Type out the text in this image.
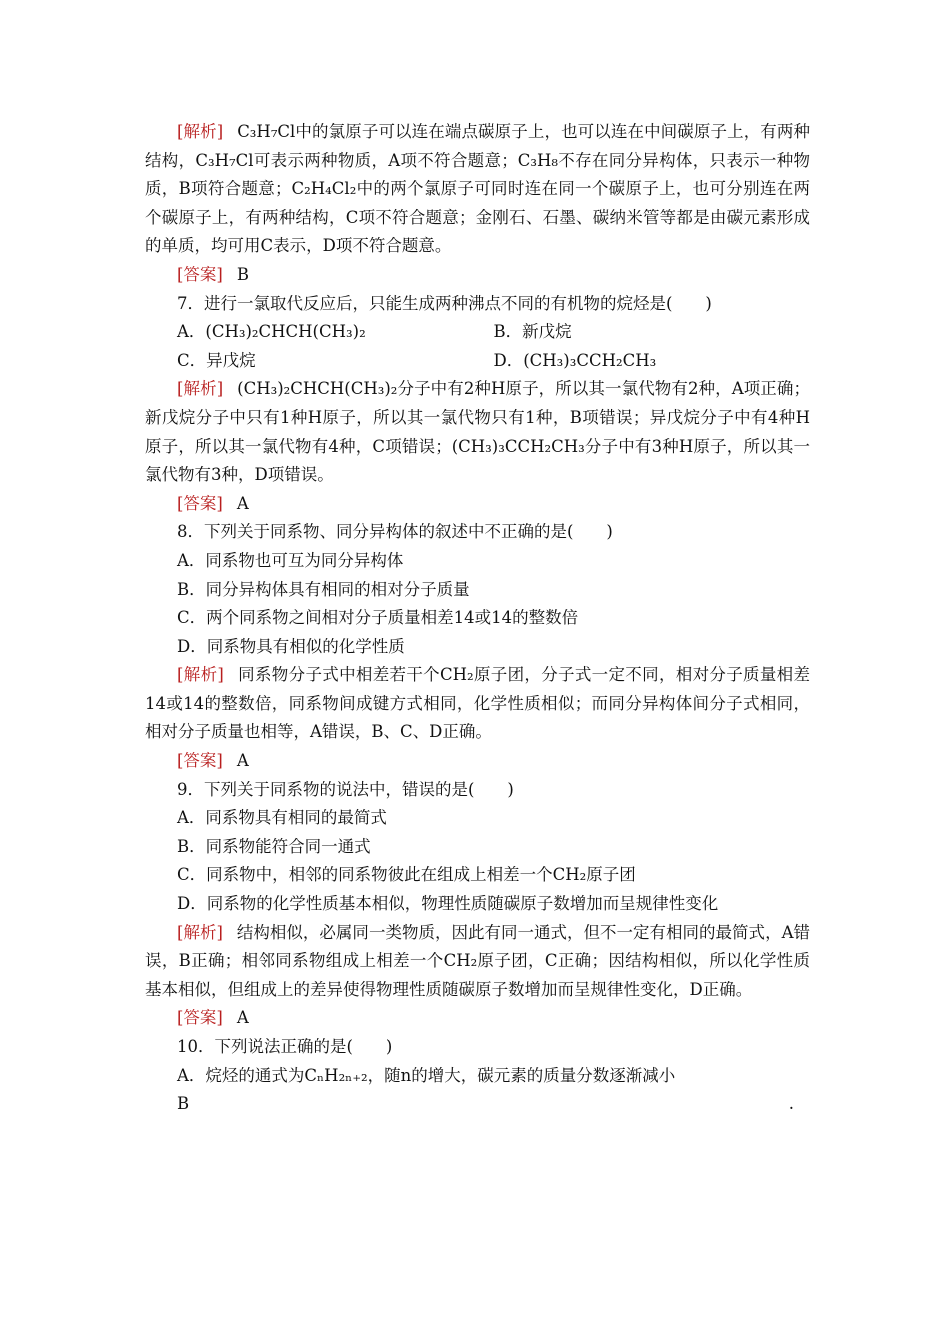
[解析] C₃H₇Cl中的氯原子可以连在端点碳原子上，也可以连在中间碳原子上，有两种结构，C₃H₇Cl可表示两种物质，A项不符合题意；C₃H₈不存在同分异构体，只表示一种物质，B项符合题意；C₂H₄Cl₂中的两个氯原子可同时连在同一个碳原子上，也可分别连在两个碳原子上，有两种结构，C项不符合题意；金刚石、石墨、碳纳米管等都是由碳元素形成的单质，均可用C表示，D项不符合题意。

[答案] B

7．进行一氯取代反应后，只能生成两种沸点不同的有机物的烷烃是(　　)

A．(CH₃)₂CHCH(CH₃)₂	B．新戊烷
C．异戊烷	D．(CH₃)₃CCH₂CH₃

[解析] (CH₃)₂CHCH(CH₃)₂分子中有2种H原子，所以其一氯代物有2种，A项正确；新戊烷分子中只有1种H原子，所以其一氯代物只有1种，B项错误；异戊烷分子中有4种H原子，所以其一氯代物有4种，C项错误；(CH₃)₃CCH₂CH₃分子中有3种H原子，所以其一氯代物有3种，D项错误。

[答案] A

8．下列关于同系物、同分异构体的叙述中不正确的是(　　)

A．同系物也可互为同分异构体

B．同分异构体具有相同的相对分子质量

C．两个同系物之间相对分子质量相差14或14的整数倍

D．同系物具有相似的化学性质

[解析] 同系物分子式中相差若干个CH₂原子团，分子式一定不同，相对分子质量相差14或14的整数倍，同系物间成键方式相同，化学性质相似；而同分异构体间分子式相同，相对分子质量也相等，A错误，B、C、D正确。

[答案] A

9．下列关于同系物的说法中，错误的是(　　)

A．同系物具有相同的最简式

B．同系物能符合同一通式

C．同系物中，相邻的同系物彼此在组成上相差一个CH₂原子团

D．同系物的化学性质基本相似，物理性质随碳原子数增加而呈规律性变化

[解析] 结构相似，必属同一类物质，因此有同一通式，但不一定有相同的最简式，A错误，B正确；相邻同系物组成上相差一个CH₂原子团，C正确；因结构相似，所以化学性质基本相似，但组成上的差异使得物理性质随碳原子数增加而呈规律性变化，D正确。

[答案] A

10．下列说法正确的是(　　)

A．烷烃的通式为CₙH₂ₙ₊₂，随n的增大，碳元素的质量分数逐渐减小

B	.
